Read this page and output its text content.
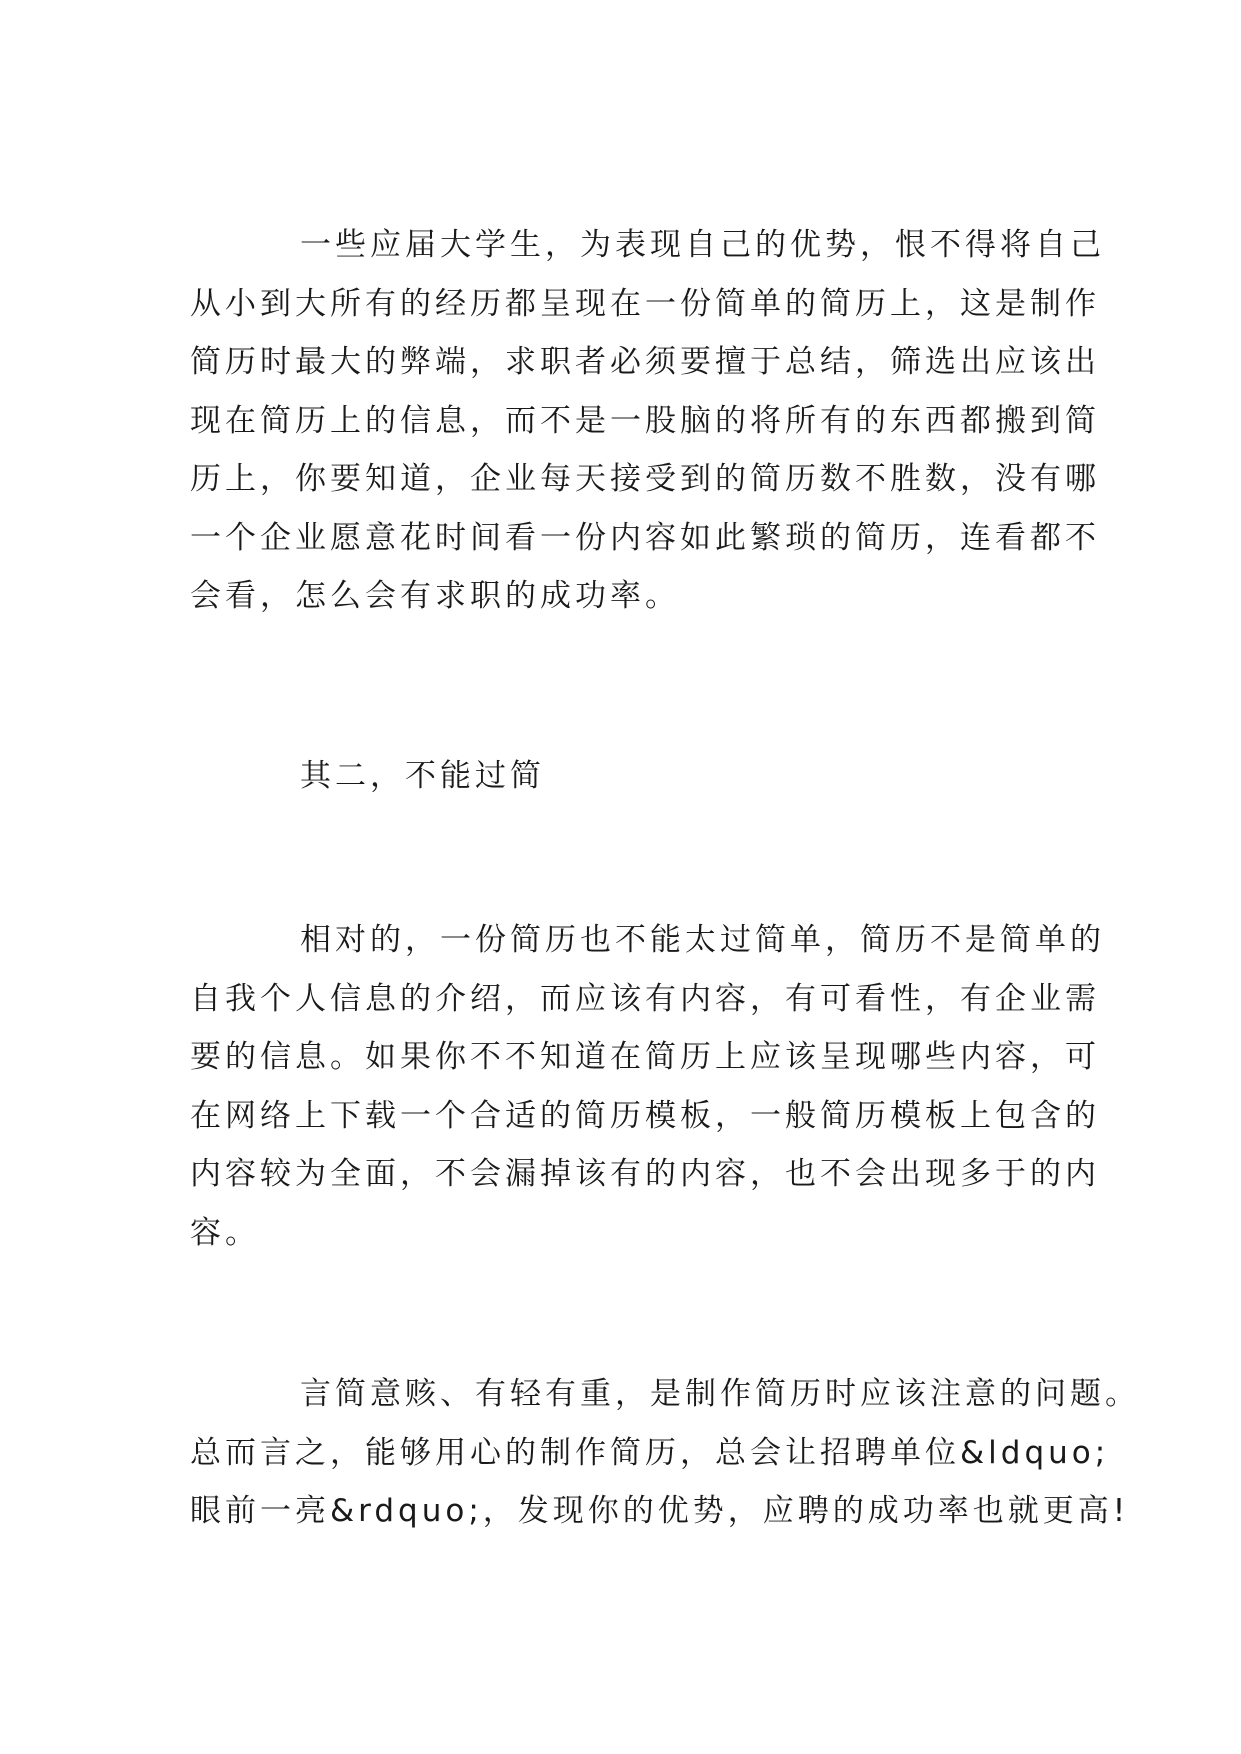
一些应届大学生，为表现自己的优势，恨不得将自己
从小到大所有的经历都呈现在一份简单的简历上，这是制作
简历时最大的弊端，求职者必须要擅于总结，筛选出应该出
现在简历上的信息，而不是一股脑的将所有的东西都搬到简
历上，你要知道，企业每天接受到的简历数不胜数，没有哪
一个企业愿意花时间看一份内容如此繁琐的简历，连看都不
会看，怎么会有求职的成功率。
其二，不能过简
相对的，一份简历也不能太过简单，简历不是简单的
自我个人信息的介绍，而应该有内容，有可看性，有企业需
要的信息。如果你不不知道在简历上应该呈现哪些内容，可
在网络上下载一个合适的简历模板，一般简历模板上包含的
内容较为全面，不会漏掉该有的内容，也不会出现多于的内
容。
言简意赅、有轻有重，是制作简历时应该注意的问题。
总而言之，能够用心的制作简历，总会让招聘单位&ldquo;
眼前一亮&rdquo;，发现你的优势，应聘的成功率也就更高!
